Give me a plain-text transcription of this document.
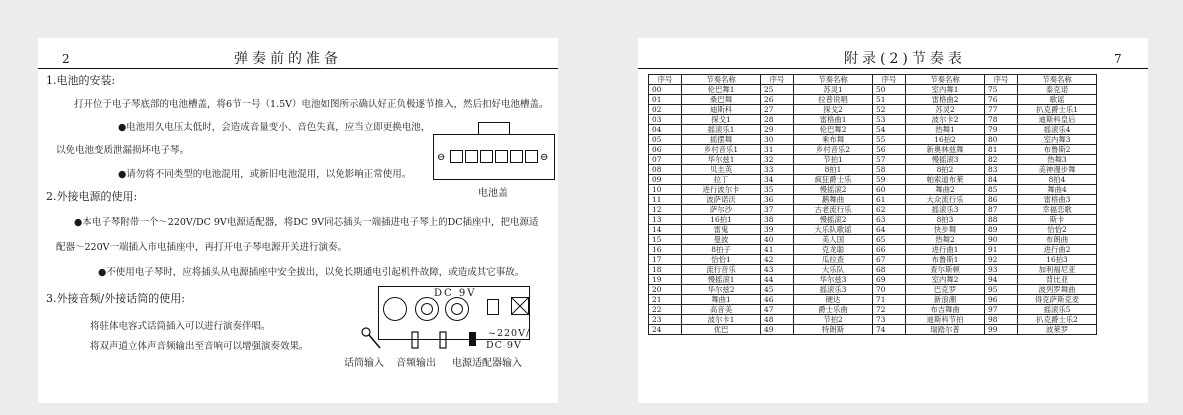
2	弹奏前的准备
1.电池的安装:
打开位于电子琴底部的电池槽盖，将6节一号（1.5V）电池如图所示确认好正负极逐节推入，然后扣好电池槽盖。
●电池用久电压太低时，会造成音量变小、音色失真，应当立即更换电池，
以免电池变质泄漏损坏电子琴。
●请勿将不同类型的电池混用，或新旧电池混用，以免影响正常使用。
⊖	⊖
电池盖
2.外接电源的使用:
●本电子琴附带一个～220V/DC 9V电源适配器，将DC 9V同芯插头一端插进电子琴上的DC插座中，把电源适
配器～220V一端插入市电插座中，再打开电子琴电源开关进行演奏。
●不使用电子琴时，应将插头从电源插座中安全拔出，以免长期通电引起机件故障，或造成其它事故。
3.外接音频/外接话筒的使用:
将驻体电容式话筒插入可以进行演奏伴唱。
将双声道立体声音频输出至音响可以增强演奏效果。
DC 9V
~220V/
DC 9V
话筒输入 音频输出 电源适配器输入
附录(2)节奏表	7
序号	节奏名称	序号	节奏名称	序号	节奏名称	序号	节奏名称
00	伦巴舞1	25	苏灵1	50	室内舞1	75	泰克诺
01	桑巴舞	26	拉普说唱	51	雷格曲2	76	歌谣
02	迪斯科	27	探戈2	52	苏灵2	77	扒克爵士乐1
03	探戈1	28	雷格曲1	53	波尔卡2	78	迪斯科皇后
04	摇滚乐1	29	伦巴舞2	54	热舞1	79	摇滚乐4
05	摇摆舞	30	乘布舞	55	16拍2	80	室内舞3
06	乡村音乐1	31	乡村音乐2	56	新奥林兹舞	81	布鲁斯2
07	华尔兹1	32	节拍1	57	慢摇滚3	82	热舞3
08	贝圭英	33	8拍1	58	8拍2	83	美神漫步舞
09	拉丁	34	疯狂爵士乐	59	帕索道布莱	84	8拍4
10	进行波尔卡	35	慢摇滚2	60	舞曲2	85	舞曲4
11	波萨诺沃	36	鹅舞曲	61	大众流行乐	86	雷格曲3
12	萨尔沙	37	古老流行乐	62	摇滚乐3	87	幸福恋歌
13	16拍1	38	慢摇滚2	63	8拍3	88	斯卡
14	雷鬼	39	大乐队歌谣	64	快步舞	89	恰恰2
15	曼波	40	美人国	65	热舞2	90	布朗曲
16	8拍子	41	克龙聪	66	进行曲1	91	进行曲2
17	恰恰1	42	瓜拉查	67	布鲁斯1	92	16拍3
18	流行音乐	43	大乐队	68	查尔斯顿	93	加利福尼亚
19	慢摇滚1	44	华尔兹3	69	室内舞2	94	背比亚
20	华尔兹2	45	摇滚乐3	70	巴克罗	95	波列罗舞曲
21	舞曲1	46	硬达	71	新浪潮	96	得克萨斯克麦
22	高音美	47	爵士乐曲	72	布吉舞曲	97	摇滚乐5
23	波尔卡1	48	节拍2	73	迪斯科节拍	98	扒克爵士乐2
24	优巴	49	特朗斯	74	瑞踏尔普	99	波莱罗
